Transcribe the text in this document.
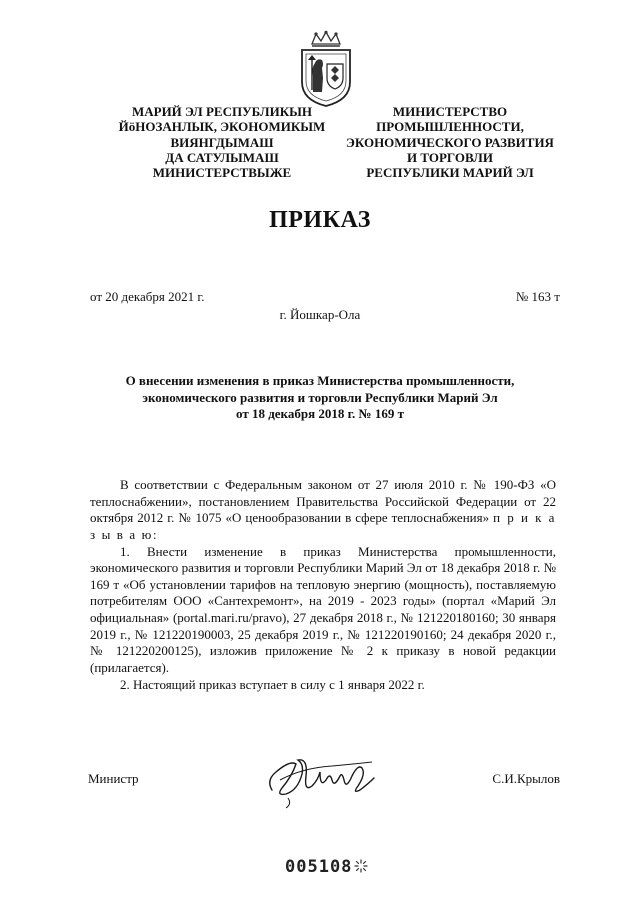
МАРИЙ ЭЛ РЕСПУБЛИКЫН
ЙӧНОЗАНЛЫК, ЭКОНОМИКЫМ
ВИЯНГДЫМАШ
ДА САТУЛЫМАШ
МИНИСТЕРСТВЫЖЕ
МИНИСТЕРСТВО
ПРОМЫШЛЕННОСТИ,
ЭКОНОМИЧЕСКОГО РАЗВИТИЯ
И ТОРГОВЛИ
РЕСПУБЛИКИ МАРИЙ ЭЛ
ПРИКАЗ
от 20 декабря 2021 г.	№ 163 т
г. Йошкар-Ола
О внесении изменения в приказ Министерства промышленности,
экономического развития и торговли Республики Марий Эл
от 18 декабря 2018 г. № 169 т

В соответствии с Федеральным законом от 27 июля 2010 г. № 190-ФЗ «О теплоснабжении», постановлением Правительства Российской Федерации от 22 октября 2012 г. № 1075 «О ценообразовании в сфере теплоснабжения» п р и к а з ы в а ю:

1. Внести изменение в приказ Министерства промышленности, экономического развития и торговли Республики Марий Эл от 18 декабря 2018 г. № 169 т «Об установлении тарифов на тепловую энергию (мощность), поставляемую потребителям ООО «Сантехремонт», на 2019 - 2023 годы» (портал «Марий Эл официальная» (portal.mari.ru/pravo), 27 декабря 2018 г., № 121220180160; 30 января 2019 г., № 121220190003, 25 декабря 2019 г., № 121220190160; 24 декабря 2020 г., № 121220200125), изложив приложение № 2 к приказу в новой редакции (прилагается).

2. Настоящий приказ вступает в силу с 1 января 2022 г.

Министр	С.И.Крылов
005108
